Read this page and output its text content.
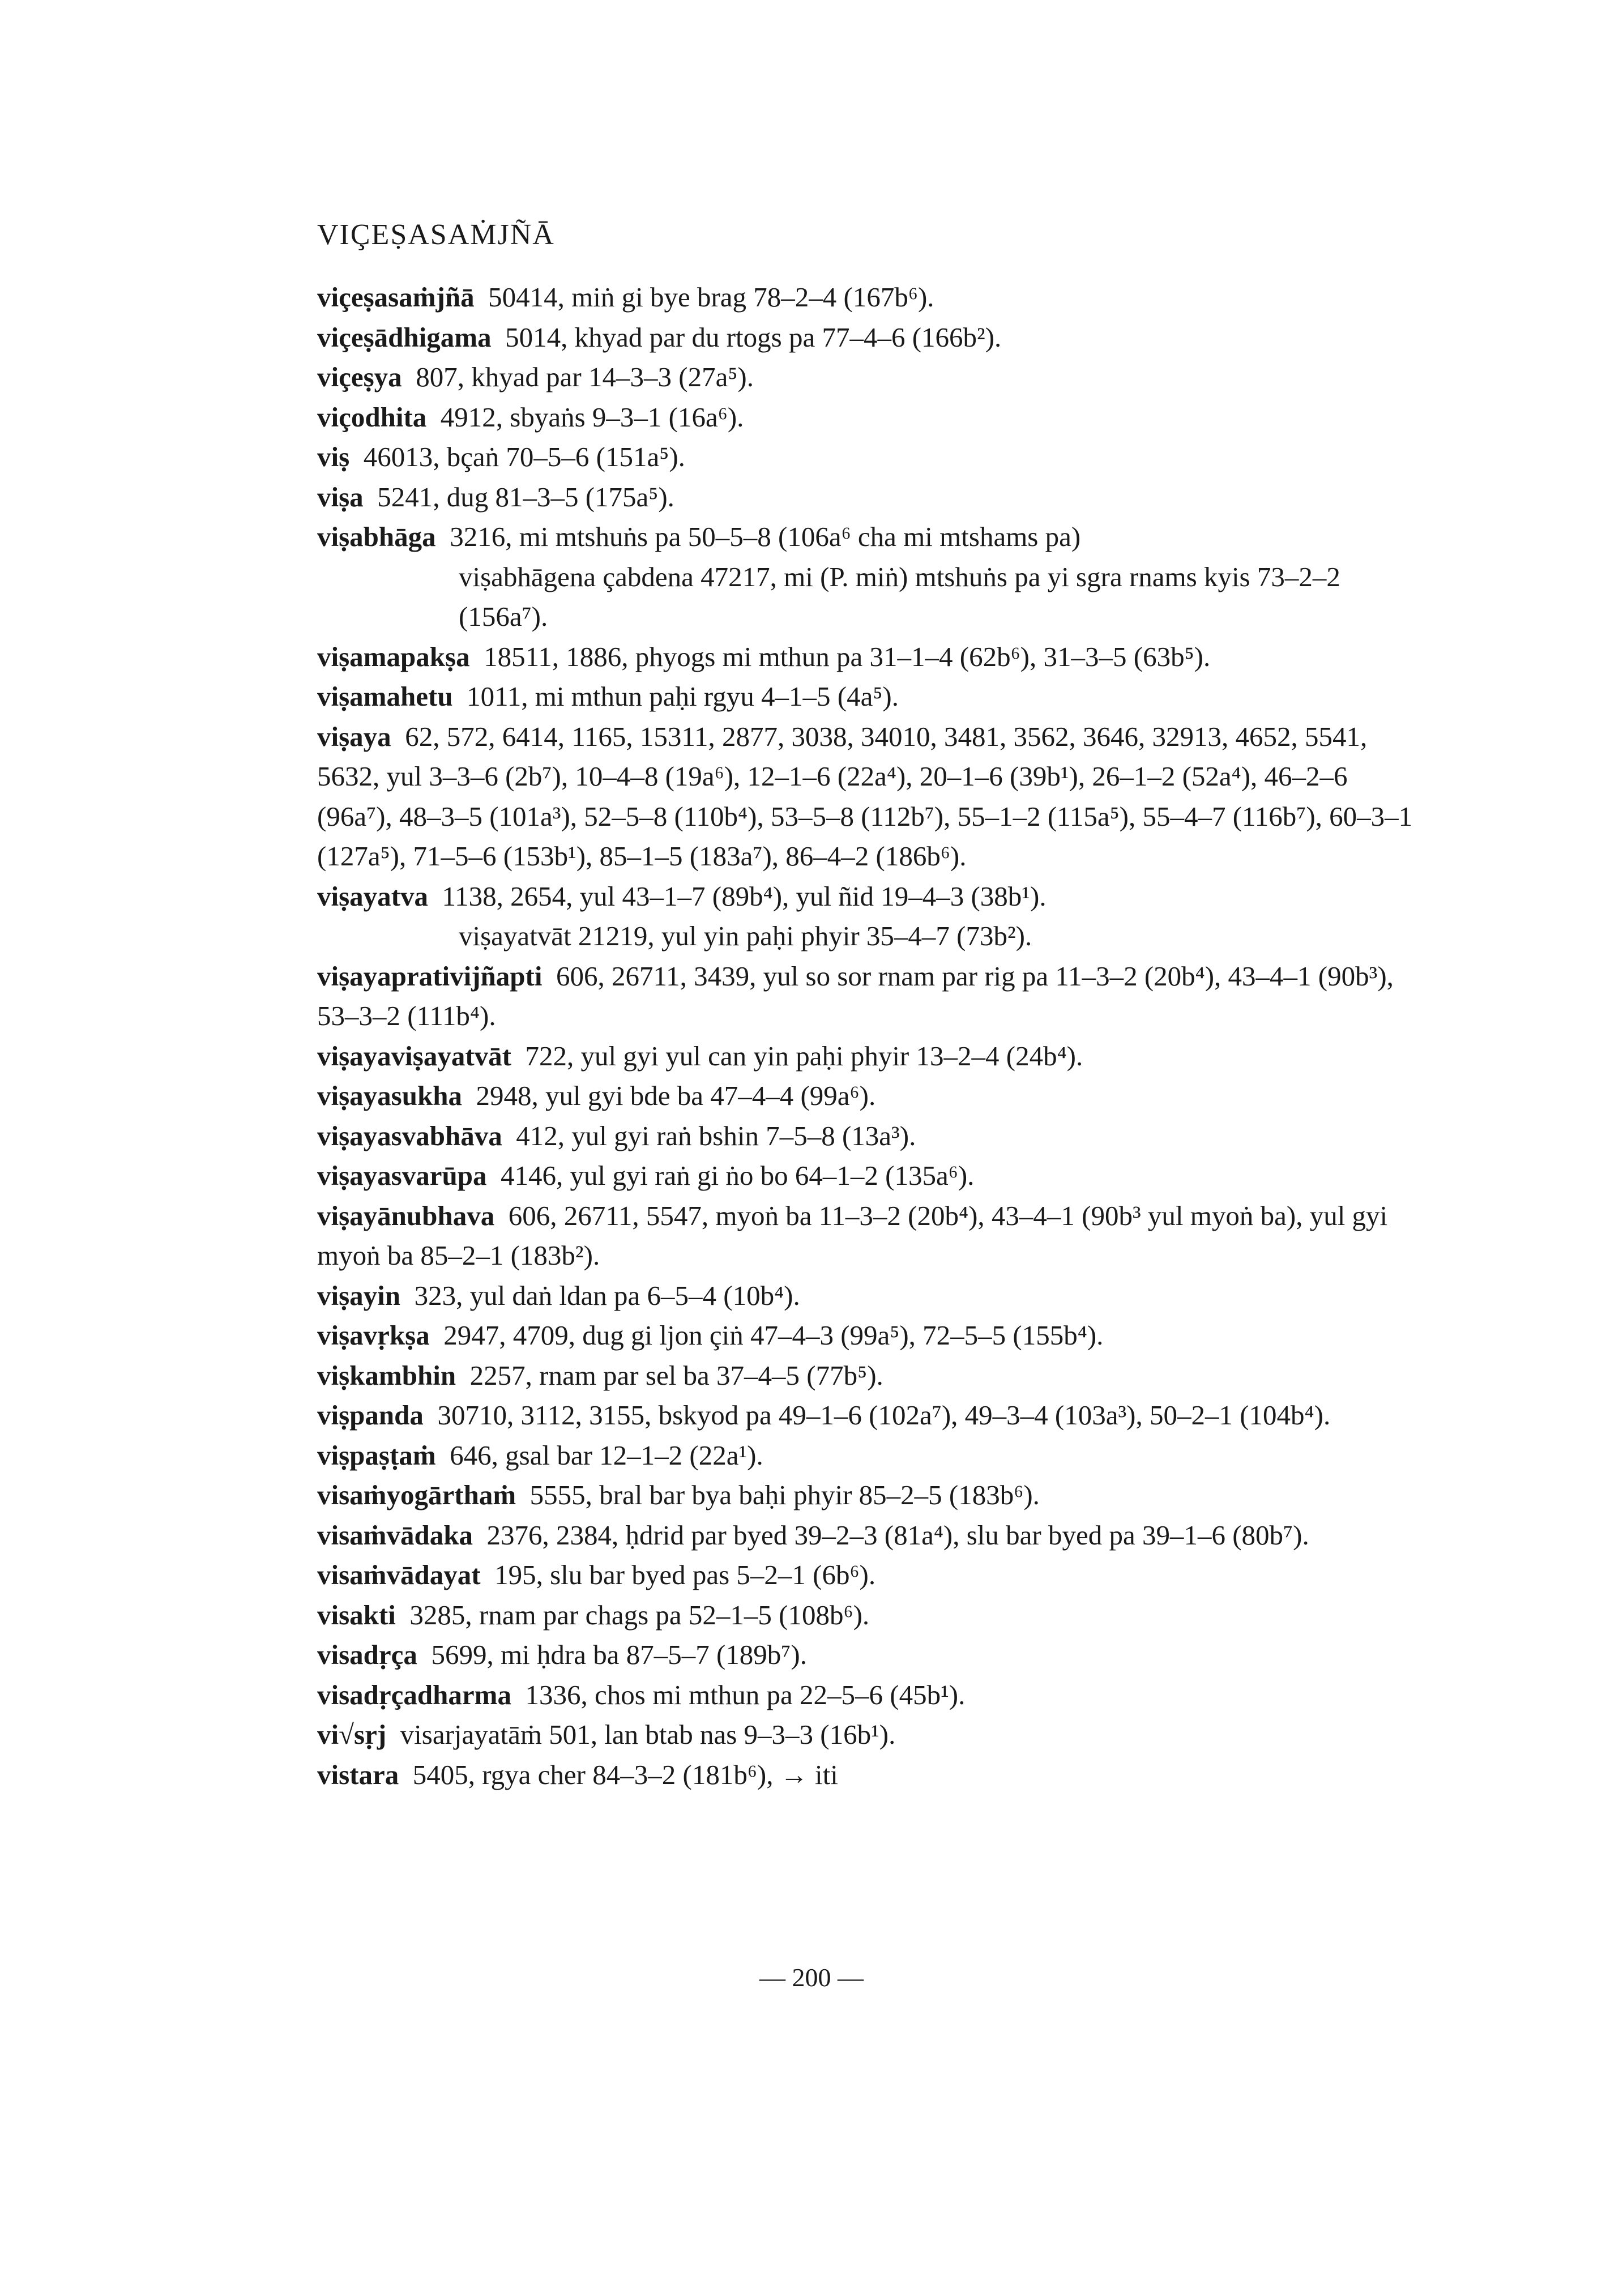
VIÇEṢASAṀJÑĀ

viçeṣasaṁjñā 50414, miṅ gi bye brag 78–2–4 (167b⁶).

viçeṣādhigama 5014, khyad par du rtogs pa 77–4–6 (166b²).

viçeṣya 807, khyad par 14–3–3 (27a⁵).

viçodhita 4912, sbyaṅs 9–3–1 (16a⁶).

viṣ 46013, bçaṅ 70–5–6 (151a⁵).

viṣa 5241, dug 81–3–5 (175a⁵).

viṣabhāga 3216, mi mtshuṅs pa 50–5–8 (106a⁶ cha mi mtshams pa)

viṣabhāgena çabdena 47217, mi (P. miṅ) mtshuṅs pa yi sgra rnams kyis 73–2–2 (156a⁷).

viṣamapakṣa 18511, 1886, phyogs mi mthun pa 31–1–4 (62b⁶), 31–3–5 (63b⁵).

viṣamahetu 1011, mi mthun paḥi rgyu 4–1–5 (4a⁵).

viṣaya 62, 572, 6414, 1165, 15311, 2877, 3038, 34010, 3481, 3562, 3646, 32913, 4652, 5541, 5632, yul 3–3–6 (2b⁷), 10–4–8 (19a⁶), 12–1–6 (22a⁴), 20–1–6 (39b¹), 26–1–2 (52a⁴), 46–2–6 (96a⁷), 48–3–5 (101a³), 52–5–8 (110b⁴), 53–5–8 (112b⁷), 55–1–2 (115a⁵), 55–4–7 (116b⁷), 60–3–1 (127a⁵), 71–5–6 (153b¹), 85–1–5 (183a⁷), 86–4–2 (186b⁶).

viṣayatva 1138, 2654, yul 43–1–7 (89b⁴), yul ñid 19–4–3 (38b¹).

viṣayatvāt 21219, yul yin paḥi phyir 35–4–7 (73b²).

viṣayaprativijñapti 606, 26711, 3439, yul so sor rnam par rig pa 11–3–2 (20b⁴), 43–4–1 (90b³), 53–3–2 (111b⁴).

viṣayaviṣayatvāt 722, yul gyi yul can yin paḥi phyir 13–2–4 (24b⁴).

viṣayasukha 2948, yul gyi bde ba 47–4–4 (99a⁶).

viṣayasvabhāva 412, yul gyi raṅ bshin 7–5–8 (13a³).

viṣayasvarūpa 4146, yul gyi raṅ gi ṅo bo 64–1–2 (135a⁶).

viṣayānubhava 606, 26711, 5547, myoṅ ba 11–3–2 (20b⁴), 43–4–1 (90b³ yul myoṅ ba), yul gyi myoṅ ba 85–2–1 (183b²).

viṣayin 323, yul daṅ ldan pa 6–5–4 (10b⁴).

viṣavṛkṣa 2947, 4709, dug gi ljon çiṅ 47–4–3 (99a⁵), 72–5–5 (155b⁴).

viṣkambhin 2257, rnam par sel ba 37–4–5 (77b⁵).

viṣpanda 30710, 3112, 3155, bskyod pa 49–1–6 (102a⁷), 49–3–4 (103a³), 50–2–1 (104b⁴).

viṣpaṣṭaṁ 646, gsal bar 12–1–2 (22a¹).

visaṁyogārthaṁ 5555, bral bar bya baḥi phyir 85–2–5 (183b⁶).

visaṁvādaka 2376, 2384, ḥdrid par byed 39–2–3 (81a⁴), slu bar byed pa 39–1–6 (80b⁷).

visaṁvādayat 195, slu bar byed pas 5–2–1 (6b⁶).

visakti 3285, rnam par chags pa 52–1–5 (108b⁶).

visadṛça 5699, mi ḥdra ba 87–5–7 (189b⁷).

visadṛçadharma 1336, chos mi mthun pa 22–5–6 (45b¹).

vi√sṛj visarjayatāṁ 501, lan btab nas 9–3–3 (16b¹).

vistara 5405, rgya cher 84–3–2 (181b⁶), → iti

— 200 —
